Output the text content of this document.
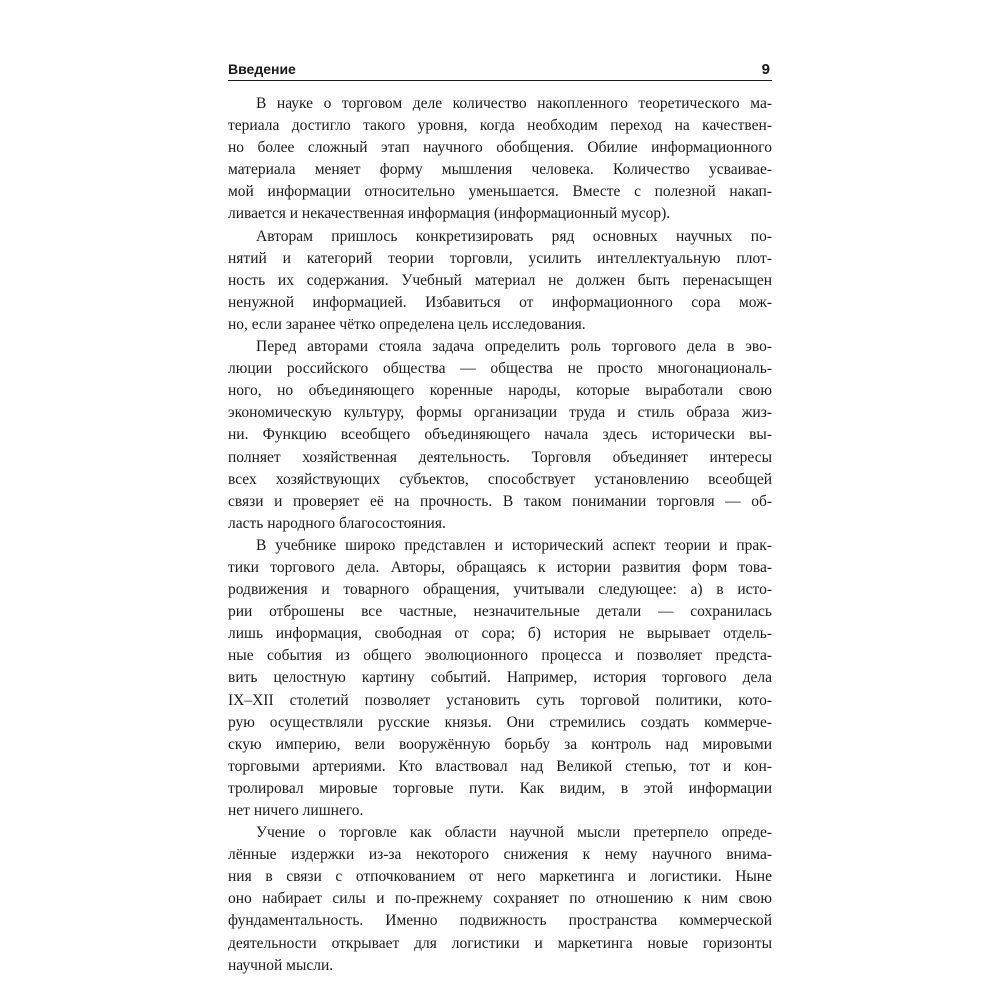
Введение	9
В науке о торговом деле количество накопленного теоретического ма-
териала достигло такого уровня, когда необходим переход на качествен-
но более сложный этап научного обобщения. Обилие информационного
материала меняет форму мышления человека. Количество усваивае-
мой информации относительно уменьшается. Вместе с полезной накап-
ливается и некачественная информация (информационный мусор).
Авторам пришлось конкретизировать ряд основных научных по-
нятий и категорий теории торговли, усилить интеллектуальную плот-
ность их содержания. Учебный материал не должен быть перенасыщен
ненужной информацией. Избавиться от информационного сора мож-
но, если заранее чётко определена цель исследования.
Перед авторами стояла задача определить роль торгового дела в эво-
люции российского общества — общества не просто многонациональ-
ного, но объединяющего коренные народы, которые выработали свою
экономическую культуру, формы организации труда и стиль образа жиз-
ни. Функцию всеобщего объединяющего начала здесь исторически вы-
полняет хозяйственная деятельность. Торговля объединяет интересы
всех хозяйствующих субъектов, способствует установлению всеобщей
связи и проверяет её на прочность. В таком понимании торговля — об-
ласть народного благосостояния.
В учебнике широко представлен и исторический аспект теории и прак-
тики торгового дела. Авторы, обращаясь к истории развития форм това-
родвижения и товарного обращения, учитывали следующее: а) в исто-
рии отброшены все частные, незначительные детали — сохранилась
лишь информация, свободная от сора; б) история не вырывает отдель-
ные события из общего эволюционного процесса и позволяет предста-
вить целостную картину событий. Например, история торгового дела
IX–XII столетий позволяет установить суть торговой политики, кото-
рую осуществляли русские князья. Они стремились создать коммерче-
скую империю, вели вооружённую борьбу за контроль над мировыми
торговыми артериями. Кто властвовал над Великой степью, тот и кон-
тролировал мировые торговые пути. Как видим, в этой информации
нет ничего лишнего.
Учение о торговле как области научной мысли претерпело опреде-
лённые издержки из-за некоторого снижения к нему научного внима-
ния в связи с отпочкованием от него маркетинга и логистики. Ныне
оно набирает силы и по-прежнему сохраняет по отношению к ним свою
фундаментальность. Именно подвижность пространства коммерческой
деятельности открывает для логистики и маркетинга новые горизонты
научной мысли.
